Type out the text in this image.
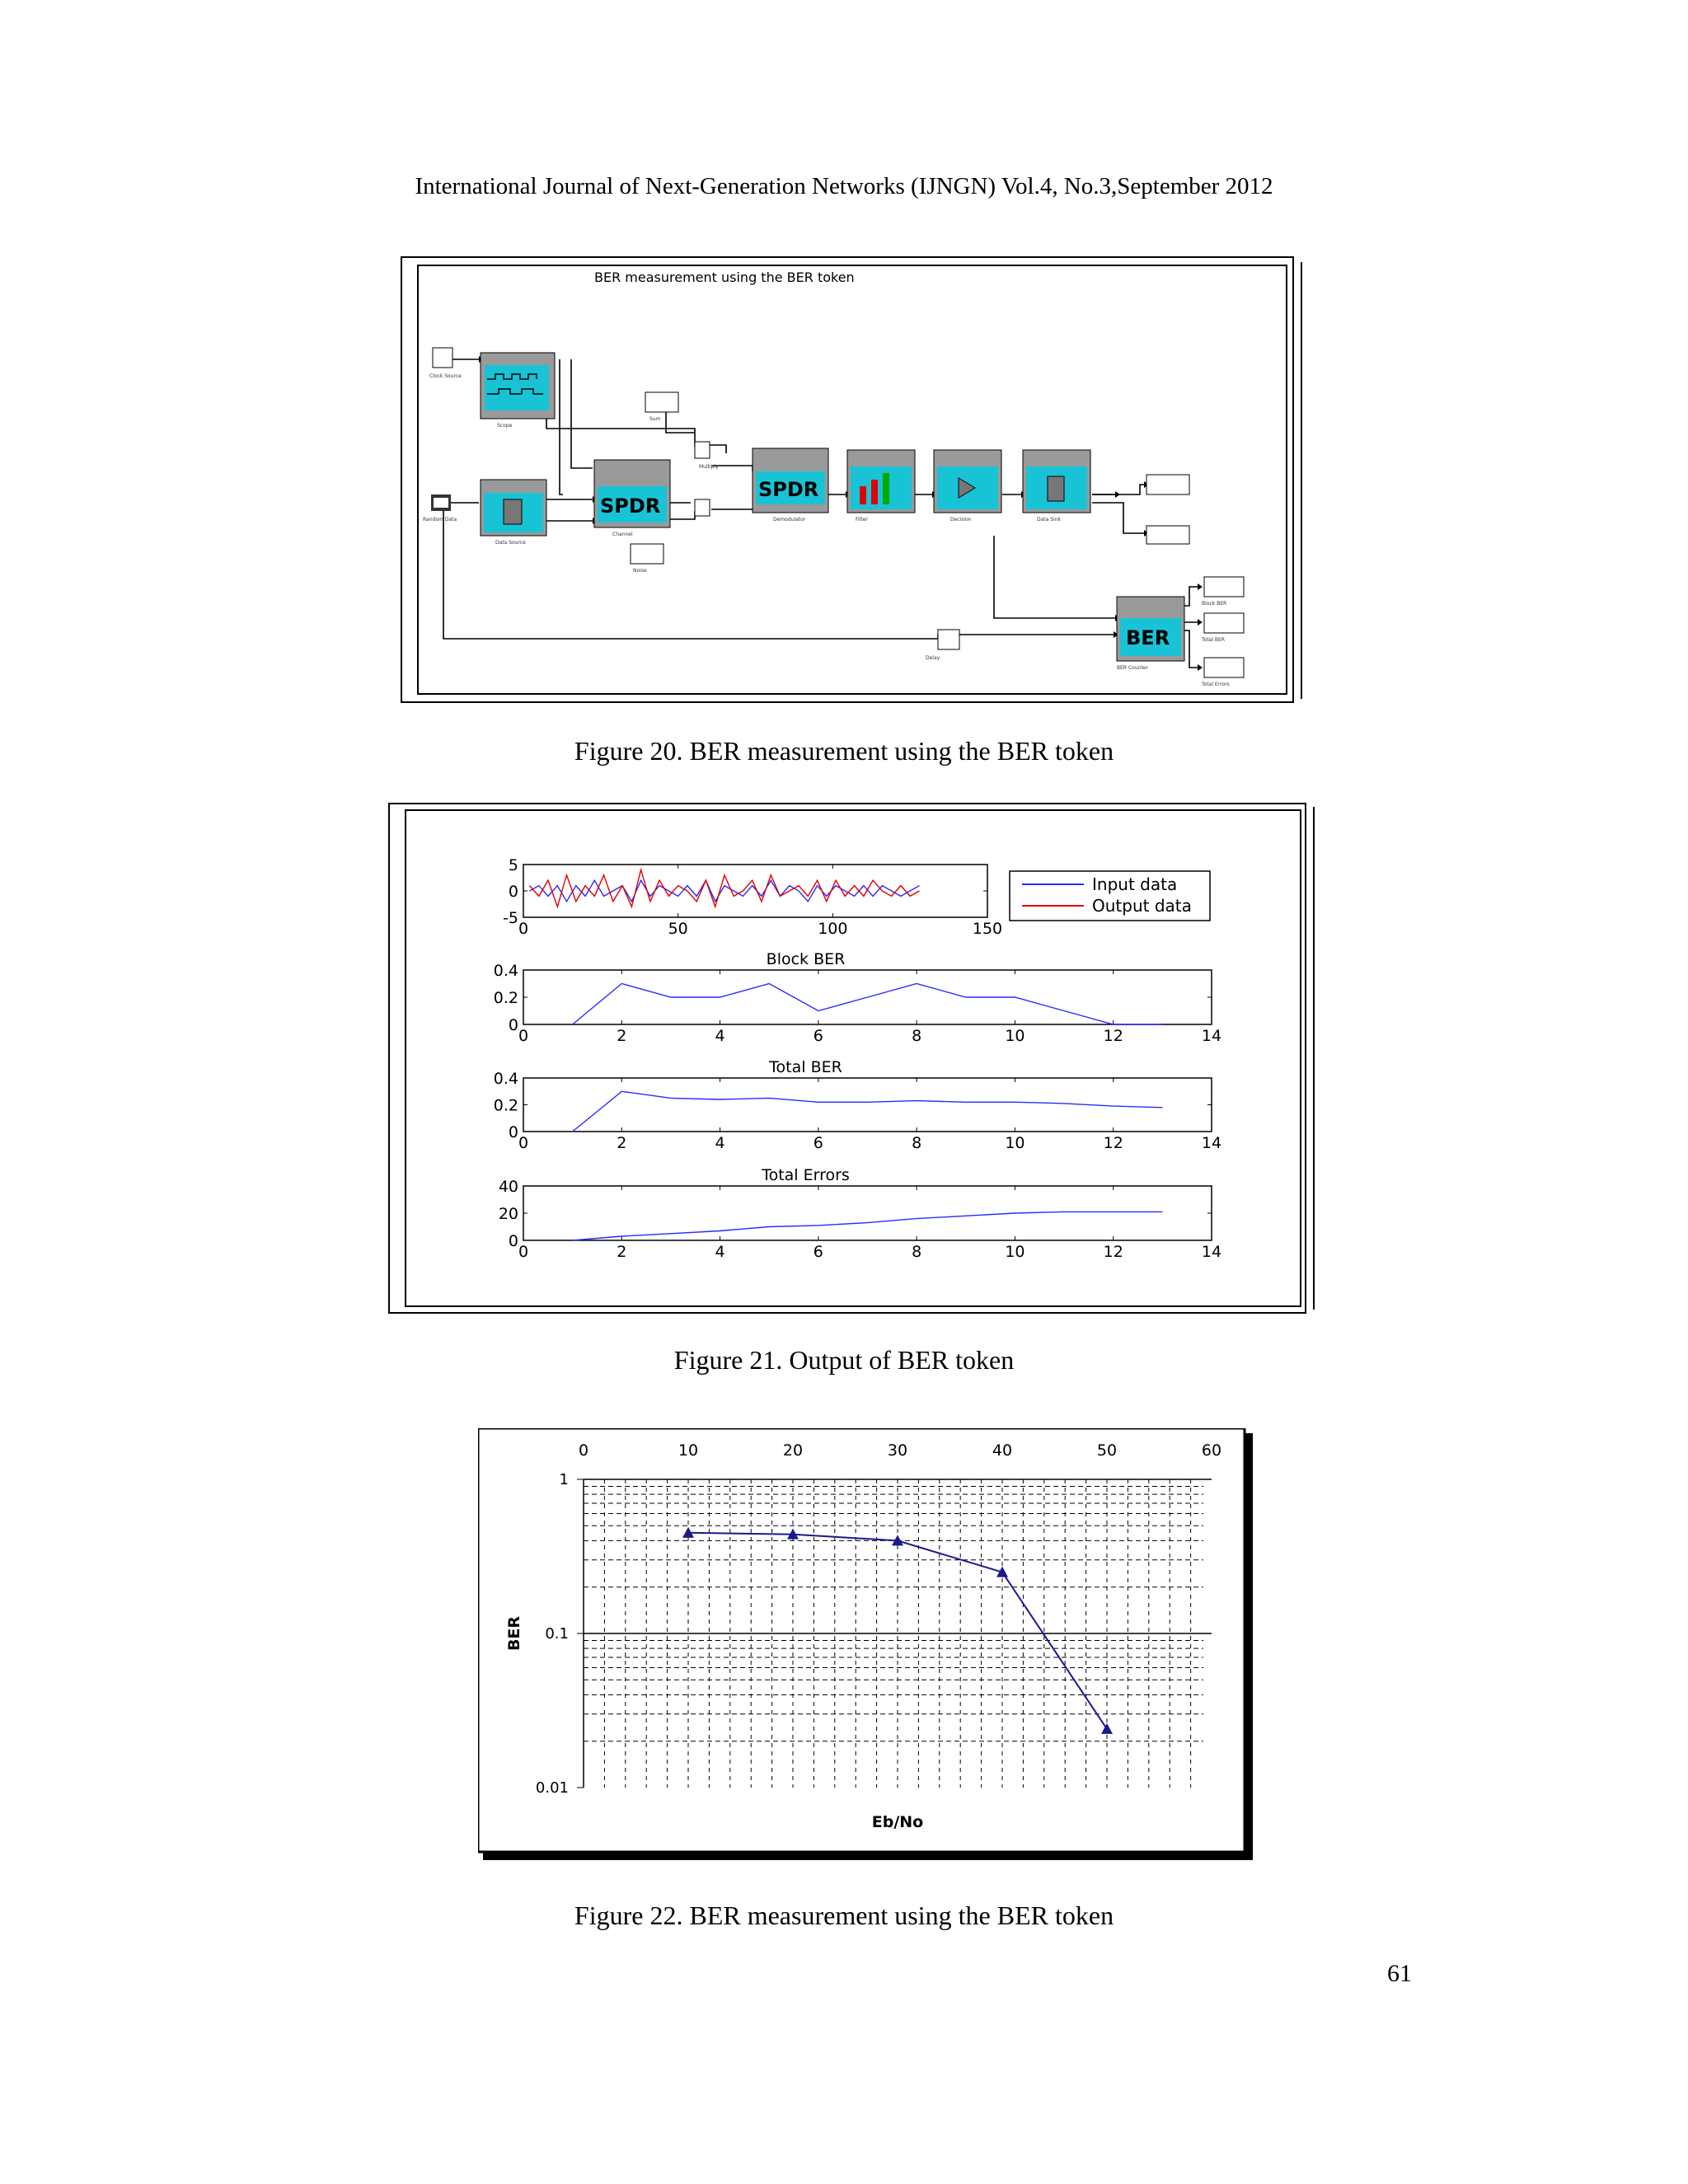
International Journal of Next-Generation Networks (IJNGN) Vol.4, No.3,September 2012
BER measurement using the BER token
SPDR
SPDR
BER
Clock Source
Scope
Random Data
Data Source
Sum
Multiply
Channel
Noise
Demodulator	Filter	Decision	Data Sink
Delay
BER Counter
Block BER
Total BER
Total Errors
Figure 20. BER measurement using the BER token
0	50	100	150
5
0
-5
0	2	4	6	8	10	12	14
0.4
0.2
0
Block BER
0	2	4	6	8	10	12	14
0.4
0.2
0
Total BER
0	2	4	6	8	10	12	14
40
20
0
Total Errors
Input data
Output data
Figure 21. Output of BER token
0	10	20	30	40	50	60
1
0.1
0.01
Eb/No
BER
Figure 22. BER measurement using the BER token
61
